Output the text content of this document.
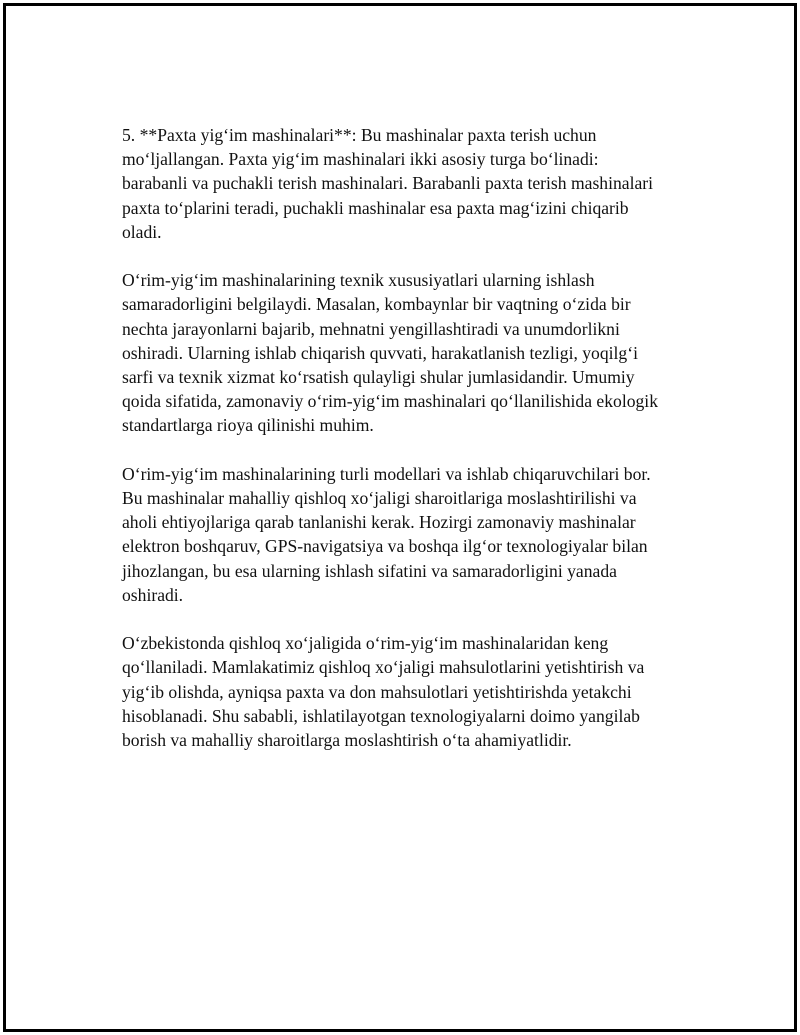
5. **Paxta yig‘im mashinalari**: Bu mashinalar paxta terish uchun
mo‘ljallangan. Paxta yig‘im mashinalari ikki asosiy turga bo‘linadi:
barabanli va puchakli terish mashinalari. Barabanli paxta terish mashinalari
paxta to‘plarini teradi, puchakli mashinalar esa paxta mag‘izini chiqarib
oladi.

O‘rim-yig‘im mashinalarining texnik xususiyatlari ularning ishlash
samaradorligini belgilaydi. Masalan, kombaynlar bir vaqtning o‘zida bir
nechta jarayonlarni bajarib, mehnatni yengillashtiradi va unumdorlikni
oshiradi. Ularning ishlab chiqarish quvvati, harakatlanish tezligi, yoqilg‘i
sarfi va texnik xizmat ko‘rsatish qulayligi shular jumlasidandir. Umumiy
qoida sifatida, zamonaviy o‘rim-yig‘im mashinalari qo‘llanilishida ekologik
standartlarga rioya qilinishi muhim.

O‘rim-yig‘im mashinalarining turli modellari va ishlab chiqaruvchilari bor.
Bu mashinalar mahalliy qishloq xo‘jaligi sharoitlariga moslashtirilishi va
aholi ehtiyojlariga qarab tanlanishi kerak. Hozirgi zamonaviy mashinalar
elektron boshqaruv, GPS-navigatsiya va boshqa ilg‘or texnologiyalar bilan
jihozlangan, bu esa ularning ishlash sifatini va samaradorligini yanada
oshiradi.

O‘zbekistonda qishloq xo‘jaligida o‘rim-yig‘im mashinalaridan keng
qo‘llaniladi. Mamlakatimiz qishloq xo‘jaligi mahsulotlarini yetishtirish va
yig‘ib olishda, ayniqsa paxta va don mahsulotlari yetishtirishda yetakchi
hisoblanadi. Shu sababli, ishlatilayotgan texnologiyalarni doimo yangilab
borish va mahalliy sharoitlarga moslashtirish o‘ta ahamiyatlidir.
